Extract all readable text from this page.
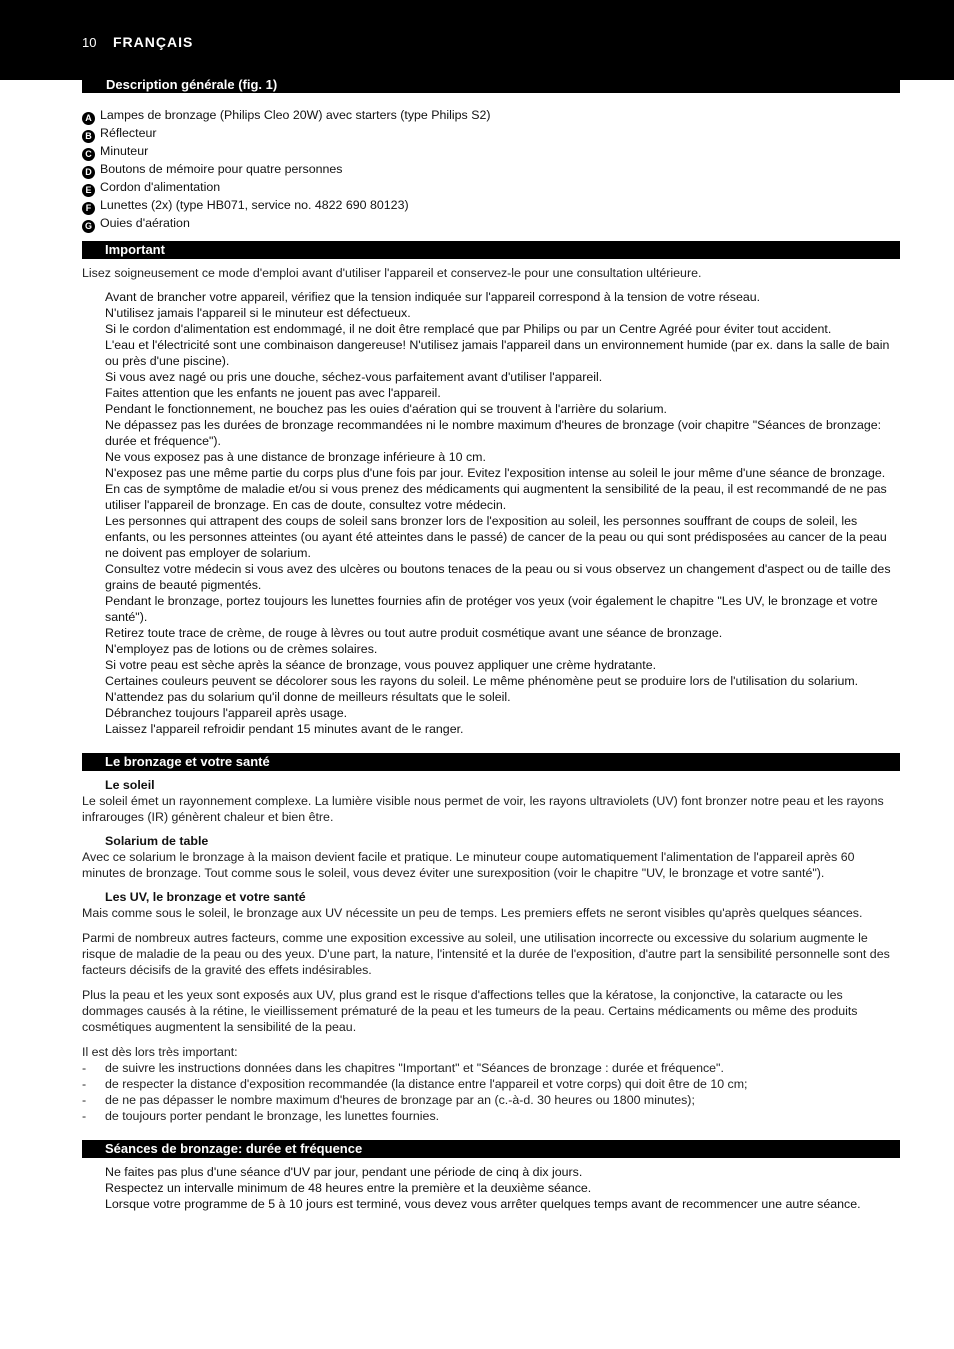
10 FRANÇAIS
Description générale (fig. 1)
A Lampes de bronzage (Philips Cleo 20W) avec starters (type Philips S2)
B Réflecteur
C Minuteur
D Boutons de mémoire pour quatre personnes
E Cordon d'alimentation
F Lunettes (2x) (type HB071, service no. 4822 690 80123)
G Ouies d'aération
Important

Lisez soigneusement ce mode d'emploi avant d'utiliser l'appareil et conservez-le pour une consultation ultérieure.

Avant de brancher votre appareil, vérifiez que la tension indiquée sur l'appareil correspond à la tension de votre réseau.

N'utilisez jamais l'appareil si le minuteur est défectueux.

Si le cordon d'alimentation est endommagé, il ne doit être remplacé que par Philips ou par un Centre Agréé pour éviter tout accident.

L'eau et l'électricité sont une combinaison dangereuse! N'utilisez jamais l'appareil dans un environnement humide (par ex. dans la salle de bain ou près d'une piscine).

Si vous avez nagé ou pris une douche, séchez-vous parfaitement avant d'utiliser l'appareil.

Faites attention que les enfants ne jouent pas avec l'appareil.

Pendant le fonctionnement, ne bouchez pas les ouies d'aération qui se trouvent à l'arrière du solarium.

Ne dépassez pas les durées de bronzage recommandées ni le nombre maximum d'heures de bronzage (voir chapitre "Séances de bronzage: durée et fréquence").

Ne vous exposez pas à une distance de bronzage inférieure à 10 cm.

N'exposez pas une même partie du corps plus d'une fois par jour. Evitez l'exposition intense au soleil le jour même d'une séance de bronzage.

En cas de symptôme de maladie et/ou si vous prenez des médicaments qui augmentent la sensibilité de la peau, il est recommandé de ne pas utiliser l'appareil de bronzage. En cas de doute, consultez votre médecin.

Les personnes qui attrapent des coups de soleil sans bronzer lors de l'exposition au soleil, les personnes souffrant de coups de soleil, les enfants, ou les personnes atteintes (ou ayant été atteintes dans le passé) de cancer de la peau ou qui sont prédisposées au cancer de la peau ne doivent pas employer de solarium.

Consultez votre médecin si vous avez des ulcères ou boutons tenaces de la peau ou si vous observez un changement d'aspect ou de taille des grains de beauté pigmentés.

Pendant le bronzage, portez toujours les lunettes fournies afin de protéger vos yeux (voir également le chapitre "Les UV, le bronzage et votre santé").

Retirez toute trace de crème, de rouge à lèvres ou tout autre produit cosmétique avant une séance de bronzage.

N'employez pas de lotions ou de crèmes solaires.

Si votre peau est sèche après la séance de bronzage, vous pouvez appliquer une crème hydratante.

Certaines couleurs peuvent se décolorer sous les rayons du soleil. Le même phénomène peut se produire lors de l'utilisation du solarium.

N'attendez pas du solarium qu'il donne de meilleurs résultats que le soleil.

Débranchez toujours l'appareil après usage.

Laissez l'appareil refroidir pendant 15 minutes avant de le ranger.

Le bronzage et votre santé

Le soleil

Le soleil émet un rayonnement complexe. La lumière visible nous permet de voir, les rayons ultraviolets (UV) font bronzer notre peau et les rayons infrarouges (IR) génèrent chaleur et bien être.

Solarium de table

Avec ce solarium le bronzage à la maison devient facile et pratique. Le minuteur coupe automatiquement l'alimentation de l'appareil après 60 minutes de bronzage. Tout comme sous le soleil, vous devez éviter une surexposition (voir le chapitre "UV, le bronzage et votre santé").

Les UV, le bronzage et votre santé

Mais comme sous le soleil, le bronzage aux UV nécessite un peu de temps. Les premiers effets ne seront visibles qu'après quelques séances.

Parmi de nombreux autres facteurs, comme une exposition excessive au soleil, une utilisation incorrecte ou excessive du solarium augmente le risque de maladie de la peau ou des yeux. D'une part, la nature, l'intensité et la durée de l'exposition, d'autre part la sensibilité personnelle sont des facteurs décisifs de la gravité des effets indésirables.

Plus la peau et les yeux sont exposés aux UV, plus grand est le risque d'affections telles que la kératose, la conjonctive, la cataracte ou les dommages causés à la rétine, le vieillissement prématuré de la peau et les tumeurs de la peau. Certains médicaments ou même des produits cosmétiques augmentent la sensibilité de la peau.

Il est dès lors très important:

- de suivre les instructions données dans les chapitres "Important" et "Séances de bronzage : durée et fréquence".
- de respecter la distance d'exposition recommandée (la distance entre l'appareil et votre corps) qui doit être de 10 cm;
- de ne pas dépasser le nombre maximum d'heures de bronzage par an (c.-à-d. 30 heures ou 1800 minutes);
- de toujours porter pendant le bronzage, les lunettes fournies.
Séances de bronzage: durée et fréquence

Ne faites pas plus d'une séance d'UV par jour, pendant une période de cinq à dix jours.

Respectez un intervalle minimum de 48 heures entre la première et la deuxième séance.

Lorsque votre programme de 5 à 10 jours est terminé, vous devez vous arrêter quelques temps avant de recommencer une autre séance.
